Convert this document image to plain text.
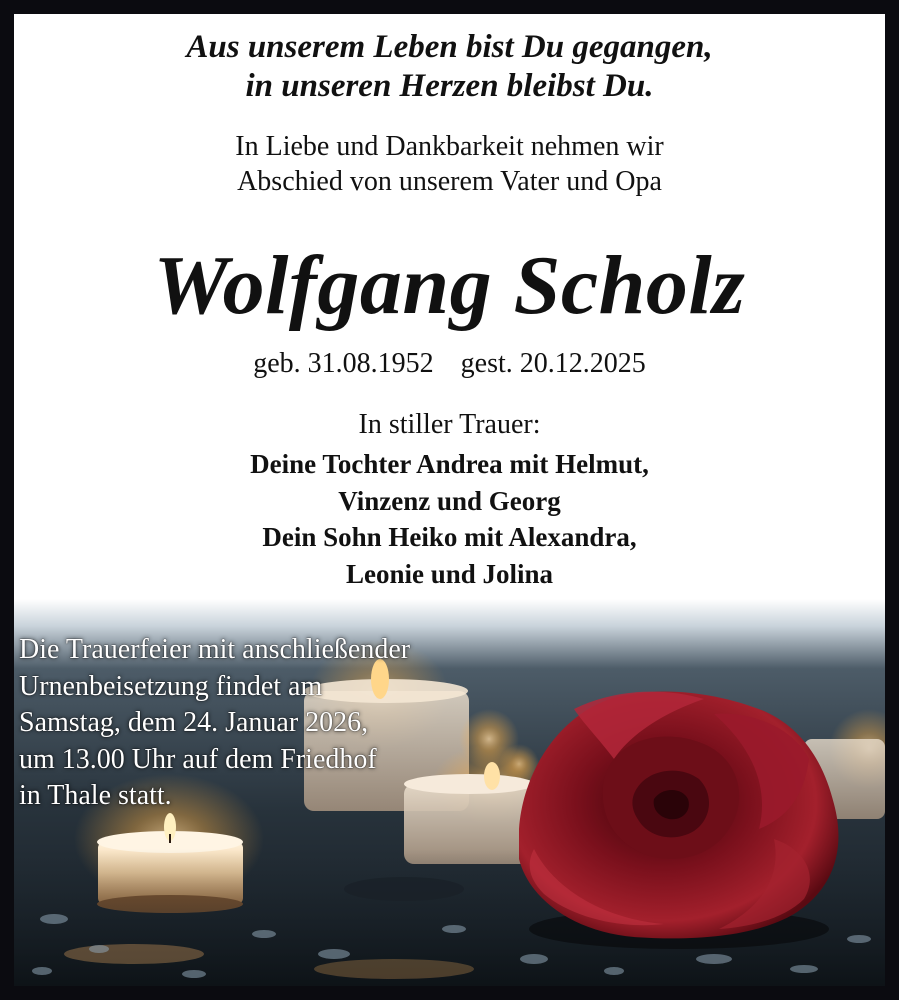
Aus unserem Leben bist Du gegangen,
in unseren Herzen bleibst Du.
In Liebe und Dankbarkeit nehmen wir
Abschied von unserem Vater und Opa
Wolfgang Scholz
geb. 31.08.1952 gest. 20.12.2025
In stiller Trauer:
Deine Tochter Andrea mit Helmut,
Vinzenz und Georg
Dein Sohn Heiko mit Alexandra,
Leonie und Jolina
Die Trauerfeier mit anschließender
Urnenbeisetzung findet am
Samstag, dem 24. Januar 2026,
um 13.00 Uhr auf dem Friedhof
in Thale statt.
